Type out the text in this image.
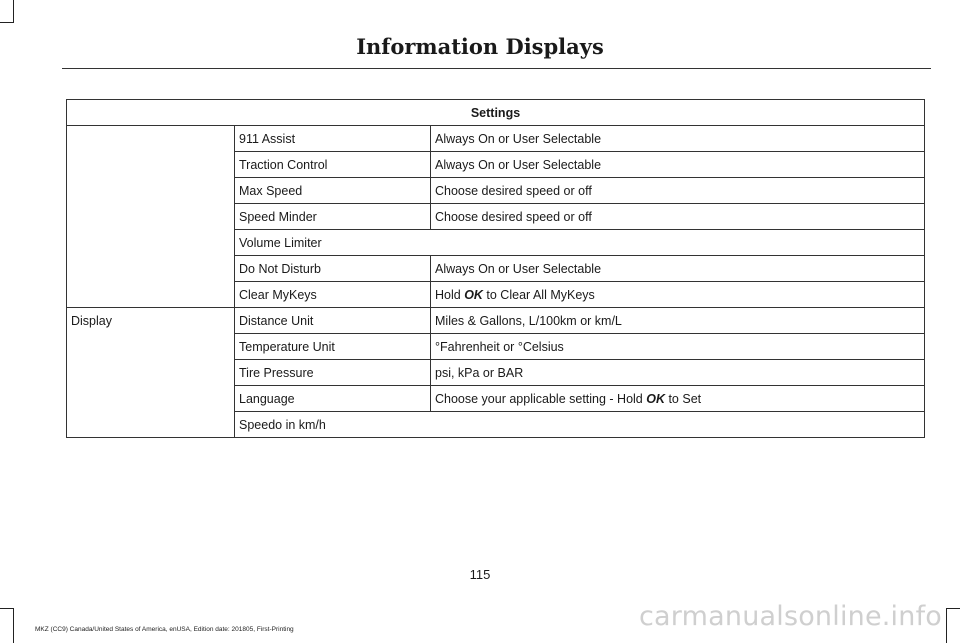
Information Displays
Settings		
	911 Assist	Always On or User Selectable
	Traction Control	Always On or User Selectable
	Max Speed	Choose desired speed or off
	Speed Minder	Choose desired speed or off
	Volume Limiter	
	Do Not Disturb	Always On or User Selectable
	Clear MyKeys	Hold OK to Clear All MyKeys
Display	Distance Unit	Miles & Gallons, L/100km or km/L
	Temperature Unit	°Fahrenheit or °Celsius
	Tire Pressure	psi, kPa or BAR
	Language	Choose your applicable setting - Hold OK to Set
	Speedo in km/h	
115
MKZ (CC9) Canada/United States of America, enUSA, Edition date: 201805, First-Printing	carmanualsonline.info
